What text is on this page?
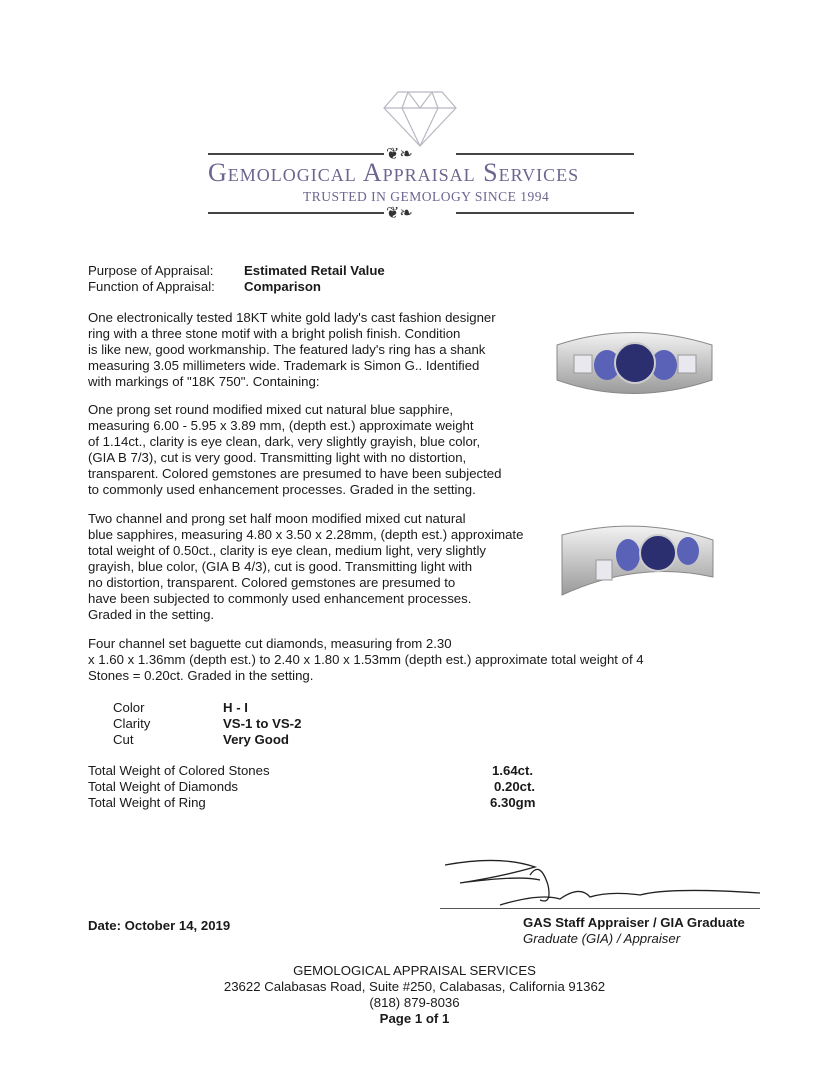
❦❧
Gemological Appraisal Services
TRUSTED IN GEMOLOGY SINCE 1994
❦❧
Purpose of Appraisal: Estimated Retail Value
Function of Appraisal: Comparison
One electronically tested 18KT white gold lady's cast fashion designer
ring with a three stone motif with a bright polish finish. Condition
is like new, good workmanship. The featured lady's ring has a shank
measuring 3.05 millimeters wide. Trademark is Simon G.. Identified
with markings of "18K 750". Containing:
One prong set round modified mixed cut natural blue sapphire,
measuring 6.00 - 5.95 x 3.89 mm, (depth est.) approximate weight
of 1.14ct., clarity is eye clean, dark, very slightly grayish, blue color,
(GIA B 7/3), cut is very good. Transmitting light with no distortion,
transparent. Colored gemstones are presumed to have been subjected
to commonly used enhancement processes. Graded in the setting.
Two channel and prong set half moon modified mixed cut natural
blue sapphires, measuring 4.80 x 3.50 x 2.28mm, (depth est.) approximate
total weight of 0.50ct., clarity is eye clean, medium light, very slightly
grayish, blue color, (GIA B 4/3), cut is good. Transmitting light with
no distortion, transparent. Colored gemstones are presumed to
have been subjected to commonly used enhancement processes.
Graded in the setting.
Four channel set baguette cut diamonds, measuring from 2.30
x 1.60 x 1.36mm (depth est.) to 2.40 x 1.80 x 1.53mm (depth est.) approximate total weight of 4
Stones = 0.20ct. Graded in the setting.
Color	H - I
Clarity	VS-1 to VS-2
Cut	Very Good
Total Weight of Colored Stones	1.64ct.
Total Weight of Diamonds	0.20ct.
Total Weight of Ring	6.30gm
Date: October 14, 2019	GAS Staff Appraiser / GIA Graduate
Graduate (GIA) / Appraiser
GEMOLOGICAL APPRAISAL SERVICES
23622 Calabasas Road, Suite #250, Calabasas, California 91362
(818) 879-8036
Page 1 of 1
